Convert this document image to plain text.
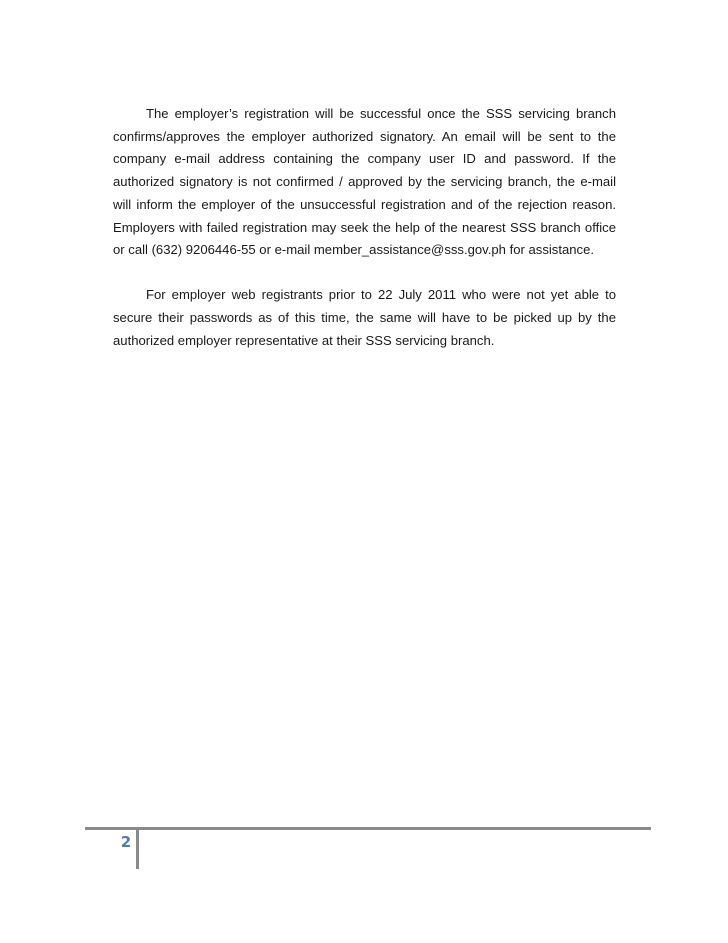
The employer’s registration will be successful once the SSS servicing branch confirms/approves the employer authorized signatory. An email will be sent to the company e-mail address containing the company user ID and password. If the authorized signatory is not confirmed / approved by the servicing branch, the e-mail will inform the employer of the unsuccessful registration and of the rejection reason. Employers with failed registration may seek the help of the nearest SSS branch office or call (632) 9206446-55 or e-mail member_assistance@sss.gov.ph for assistance.

For employer web registrants prior to 22 July 2011 who were not yet able to secure their passwords as of this time, the same will have to be picked up by the authorized employer representative at their SSS servicing branch.

2
